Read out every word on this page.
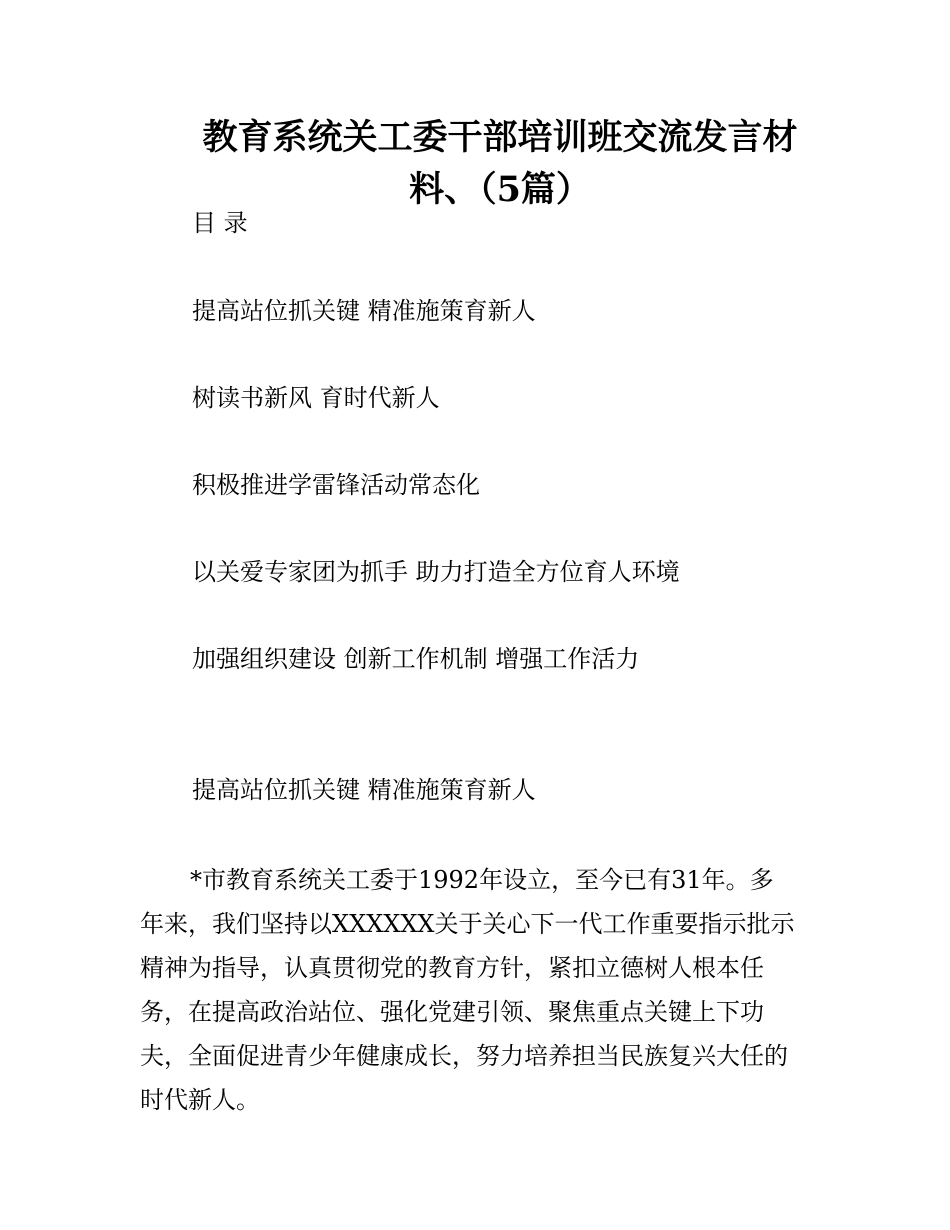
教育系统关工委干部培训班交流发言材
料、（5篇）
目 录
提高站位抓关键 精准施策育新人
树读书新风 育时代新人
积极推进学雷锋活动常态化
以关爱专家团为抓手 助力打造全方位育人环境
加强组织建设 创新工作机制 增强工作活力
提高站位抓关键 精准施策育新人
*市教育系统关工委于1992年设立，至今已有31年。多
年来，我们坚持以XXXXXX关于关心下一代工作重要指示批示
精神为指导，认真贯彻党的教育方针，紧扣立德树人根本任
务，在提高政治站位、强化党建引领、聚焦重点关键上下功
夫，全面促进青少年健康成长，努力培养担当民族复兴大任的
时代新人。
